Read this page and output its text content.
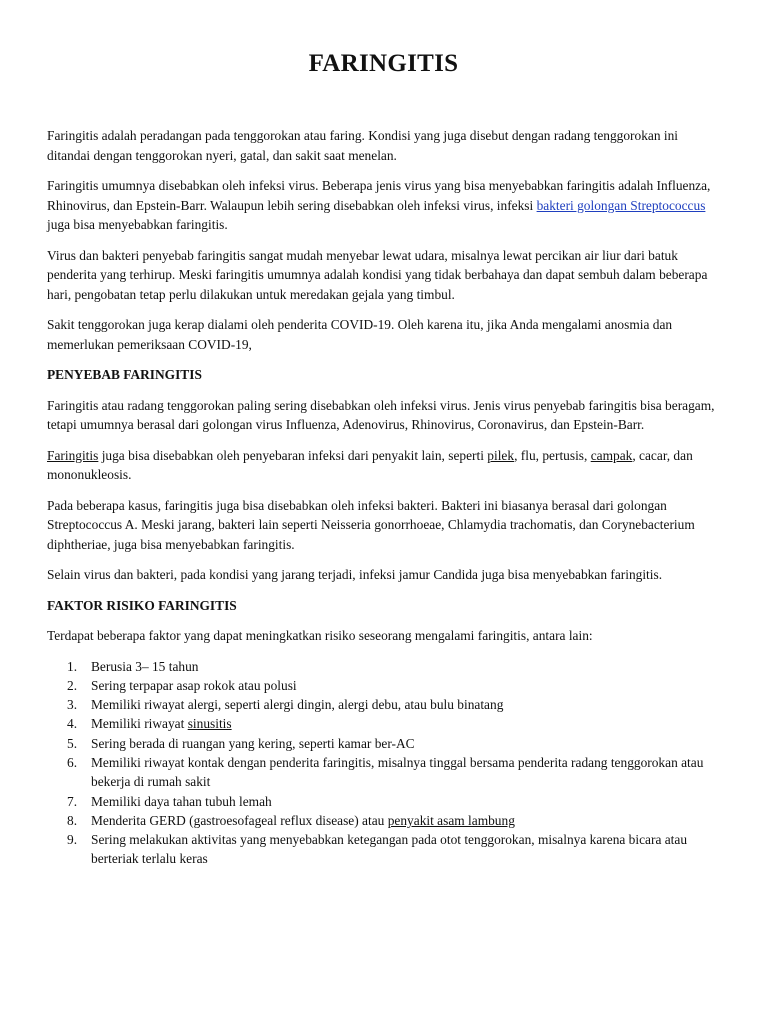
FARINGITIS

Faringitis adalah peradangan pada tenggorokan atau faring. Kondisi yang juga disebut dengan radang tenggorokan ini ditandai dengan tenggorokan nyeri, gatal, dan sakit saat menelan.

Faringitis umumnya disebabkan oleh infeksi virus. Beberapa jenis virus yang bisa menyebabkan faringitis adalah Influenza, Rhinovirus, dan Epstein-Barr. Walaupun lebih sering disebabkan oleh infeksi virus, infeksi bakteri golongan Streptococcus juga bisa menyebabkan faringitis.

Virus dan bakteri penyebab faringitis sangat mudah menyebar lewat udara, misalnya lewat percikan air liur dari batuk penderita yang terhirup. Meski faringitis umumnya adalah kondisi yang tidak berbahaya dan dapat sembuh dalam beberapa hari, pengobatan tetap perlu dilakukan untuk meredakan gejala yang timbul.

Sakit tenggorokan juga kerap dialami oleh penderita COVID-19. Oleh karena itu, jika Anda mengalami anosmia dan memerlukan pemeriksaan COVID-19,

PENYEBAB FARINGITIS

Faringitis atau radang tenggorokan paling sering disebabkan oleh infeksi virus. Jenis virus penyebab faringitis bisa beragam, tetapi umumnya berasal dari golongan virus Influenza, Adenovirus, Rhinovirus, Coronavirus, dan Epstein-Barr.

Faringitis juga bisa disebabkan oleh penyebaran infeksi dari penyakit lain, seperti pilek, flu, pertusis, campak, cacar, dan mononukleosis.

Pada beberapa kasus, faringitis juga bisa disebabkan oleh infeksi bakteri. Bakteri ini biasanya berasal dari golongan Streptococcus A. Meski jarang, bakteri lain seperti Neisseria gonorrhoeae, Chlamydia trachomatis, dan Corynebacterium diphtheriae, juga bisa menyebabkan faringitis.

Selain virus dan bakteri, pada kondisi yang jarang terjadi, infeksi jamur Candida juga bisa menyebabkan faringitis.

FAKTOR RISIKO FARINGITIS

Terdapat beberapa faktor yang dapat meningkatkan risiko seseorang mengalami faringitis, antara lain:

1. Berusia 3– 15 tahun
2. Sering terpapar asap rokok atau polusi
3. Memiliki riwayat alergi, seperti alergi dingin, alergi debu, atau bulu binatang
4. Memiliki riwayat sinusitis
5. Sering berada di ruangan yang kering, seperti kamar ber-AC
6. Memiliki riwayat kontak dengan penderita faringitis, misalnya tinggal bersama penderita radang tenggorokan atau bekerja di rumah sakit
7. Memiliki daya tahan tubuh lemah
8. Menderita GERD (gastroesofageal reflux disease) atau penyakit asam lambung
9. Sering melakukan aktivitas yang menyebabkan ketegangan pada otot tenggorokan, misalnya karena bicara atau berteriak terlalu keras
